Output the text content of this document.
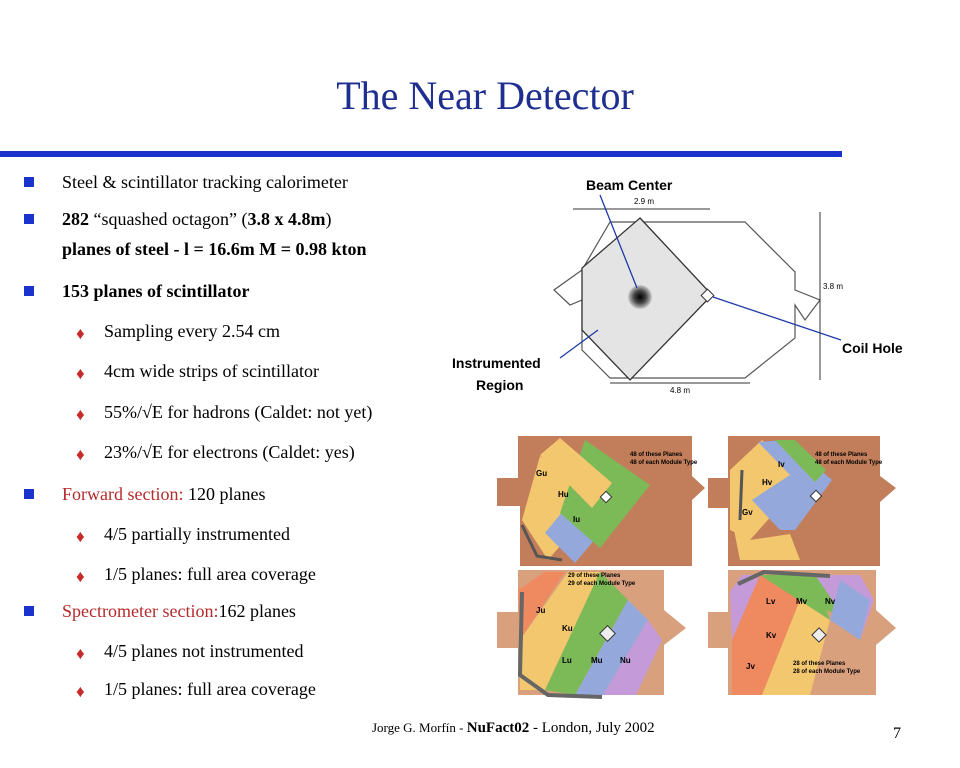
The Near Detector
Steel & scintillator tracking calorimeter
282 “squashed octagon” (3.8 x 4.8m)
planes of steel - l = 16.6m M = 0.98 kton
153 planes of scintillator
♦ Sampling every 2.54 cm
♦ 4cm wide strips of scintillator
♦ 55%/√E for hadrons (Caldet: not yet)
♦ 23%/√E for electrons (Caldet: yes)
Forward section: 120 planes
♦ 4/5 partially instrumented
♦ 1/5 planes: full area coverage
Spectrometer section:162 planes
♦ 4/5 planes not instrumented
♦ 1/5 planes: full area coverage
Beam Center
Coil Hole
Instrumented
Region
2.9 m
4.8 m
3.8 m
Gu
Hu
Iu
48 of these Planes
48 of each Module Type	Iv
Hv
Gv
48 of these Planes
48 of each Module Type
Ju
Ku
Lu Mu Nu
29 of these Planes
29 of each Module Type
Lv	Mv Nv
Kv
Jv	28 of these Planes
28 of each Module Type
Jorge G. Morfín - NuFact02 - London, July 2002	7
